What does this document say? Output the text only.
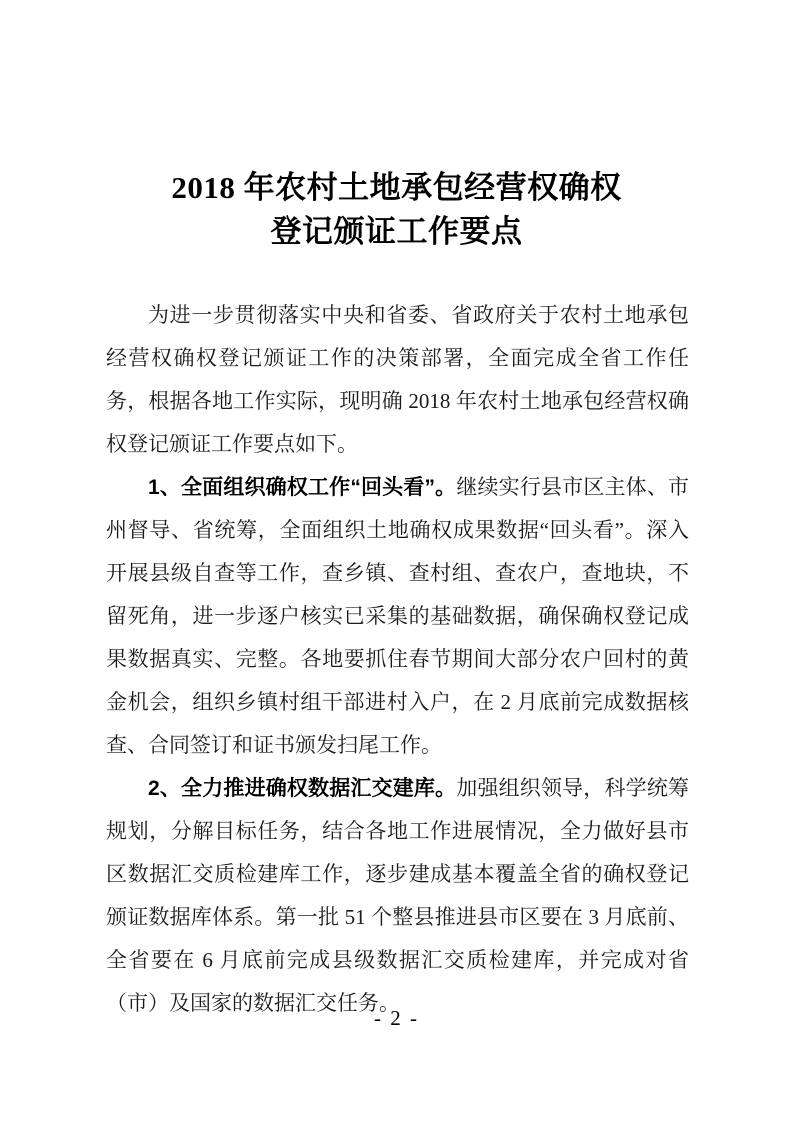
2018 年农村土地承包经营权确权
登记颁证工作要点

为进一步贯彻落实中央和省委、省政府关于农村土地承包经营权确权登记颁证工作的决策部署，全面完成全省工作任务，根据各地工作实际，现明确 2018 年农村土地承包经营权确权登记颁证工作要点如下。

1、全面组织确权工作“回头看”。继续实行县市区主体、市州督导、省统筹，全面组织土地确权成果数据“回头看”。深入开展县级自查等工作，查乡镇、查村组、查农户，查地块，不留死角，进一步逐户核实已采集的基础数据，确保确权登记成果数据真实、完整。各地要抓住春节期间大部分农户回村的黄金机会，组织乡镇村组干部进村入户，在 2 月底前完成数据核查、合同签订和证书颁发扫尾工作。

2、全力推进确权数据汇交建库。加强组织领导，科学统筹规划，分解目标任务，结合各地工作进展情况，全力做好县市区数据汇交质检建库工作，逐步建成基本覆盖全省的确权登记颁证数据库体系。第一批 51 个整县推进县市区要在 3 月底前、全省要在 6 月底前完成县级数据汇交质检建库，并完成对省（市）及国家的数据汇交任务。

- 2 -
